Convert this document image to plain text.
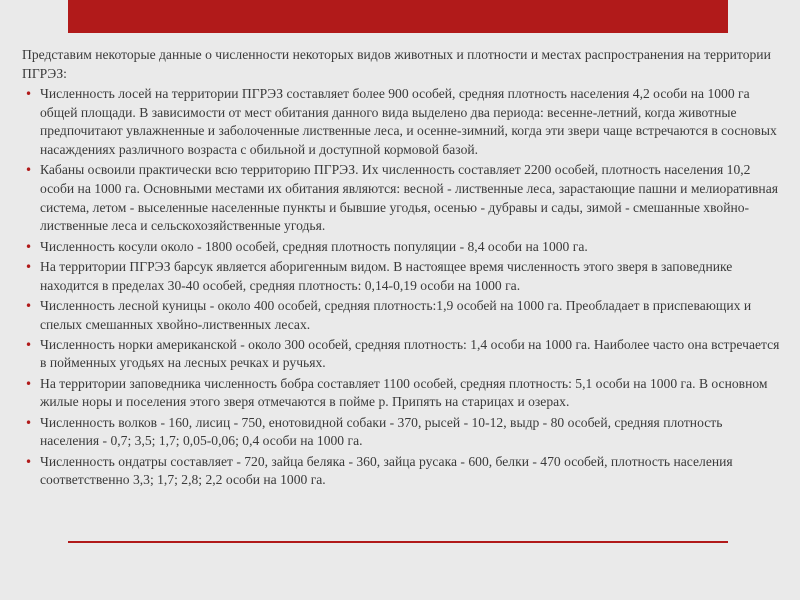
Представим некоторые данные о численности некоторых видов животных и плотности и местах распространения на территории ПГРЭЗ:

• Численность лосей на территории ПГРЭЗ составляет более 900 особей, средняя плотность населения 4,2 особи на 1000 га общей площади. В зависимости от мест обитания данного вида выделено два периода: весенне-летний, когда животные предпочитают увлажненные и заболоченные лиственные леса, и осенне-зимний, когда эти звери чаще встречаются в сосновых насаждениях различного возраста с обильной и доступной кормовой базой.
• Кабаны освоили практически всю территорию ПГРЭЗ. Их численность составляет 2200 особей, плотность населения 10,2 особи на 1000 га. Основными местами их обитания являются: весной - лиственные леса, зарастающие пашни и мелиоративная система, летом - выселенные населенные пункты и бывшие угодья, осенью - дубравы и сады, зимой - смешанные хвойно-лиственные леса и сельскохозяйственные угодья.
• Численность косули около - 1800 особей, средняя плотность популяции - 8,4 особи на 1000 га.
• На территории ПГРЭЗ барсук является аборигенным видом. В настоящее время численность этого зверя в заповеднике находится в пределах 30-40 особей, средняя плотность: 0,14-0,19 особи на 1000 га.
• Численность лесной куницы - около 400 особей, средняя плотность:1,9 особей на 1000 га. Преобладает в приспевающих и спелых смешанных хвойно-лиственных лесах.
• Численность норки американской - около 300 особей, средняя плотность: 1,4 особи на 1000 га. Наиболее часто она встречается в пойменных угодьях на лесных речках и ручьях.
• На территории заповедника численность бобра составляет 1100 особей, средняя плотность: 5,1 особи на 1000 га. В основном жилые норы и поселения этого зверя отмечаются в пойме р. Припять на старицах и озерах.
• Численность волков - 160, лисиц - 750, енотовидной собаки - 370, рысей - 10-12, выдр - 80 особей, средняя плотность населения - 0,7; 3,5; 1,7; 0,05-0,06; 0,4 особи на 1000 га.
• Численность ондатры составляет - 720, зайца беляка - 360, зайца русака - 600, белки - 470 особей, плотность населения соответственно 3,3; 1,7; 2,8; 2,2 особи на 1000 га.
